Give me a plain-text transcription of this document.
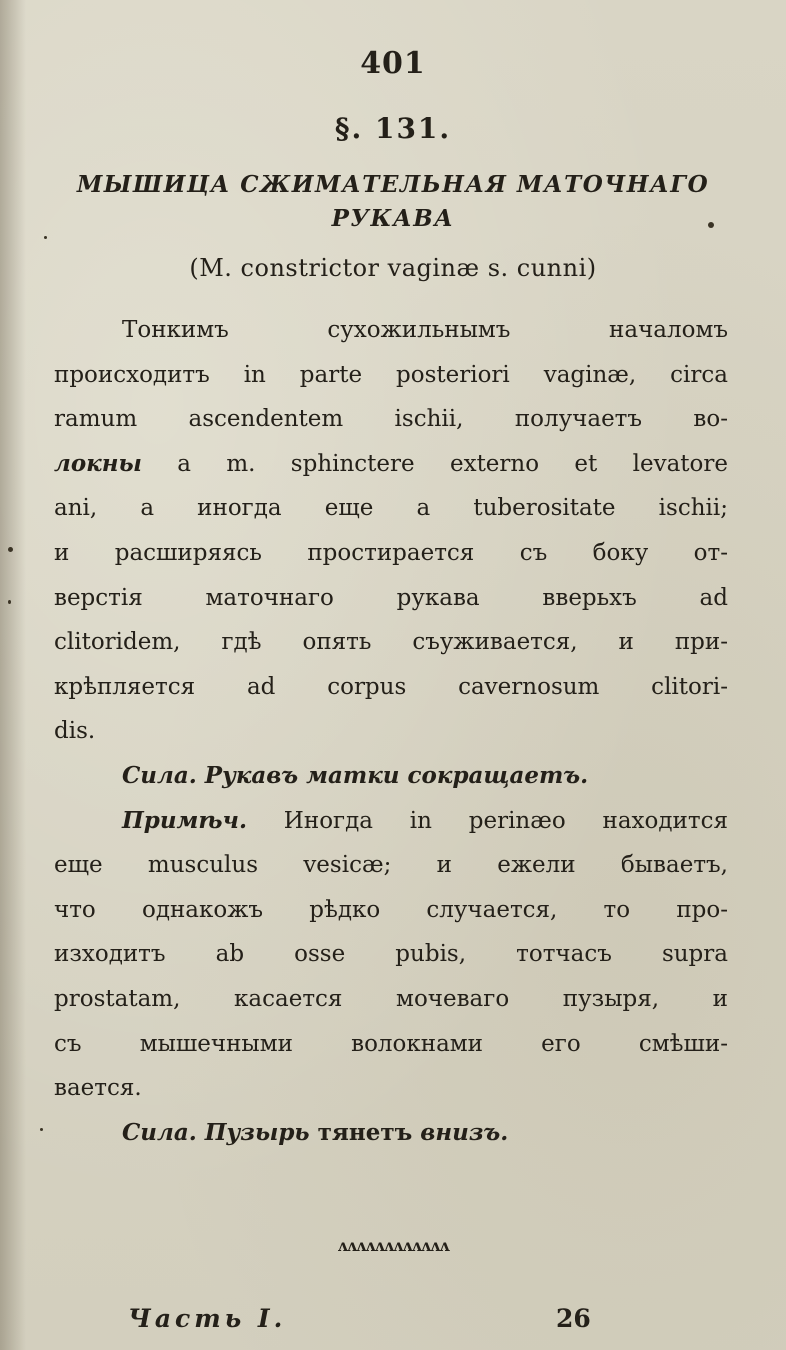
401
§. 131.
МЫШИЦА СЖИМАТЕЛЬНАЯ МАТОЧНАГО
РУКАВА
(M. constrictor vaginæ s. cunni)
Тонкимъ сухожильнымъ началомъ
происходитъ in parte posteriori vaginæ, circa
ramum ascendentem ischii, получаетъ во-
локны a m. sphinctere externo et levatore
ani, а иногда еще а tuberositate ischii;
и расширяясь простирается съ боку от-
верстія маточнаго рукава вверьхъ ad
clitoridem, гдѣ опять съуживается, и при-
крѣпляется ad corpus cavernosum clitori-
dis.
Сила. Рукавъ матки сокращаетъ.
Примѣч. Иногда in perinæo находится
еще musculus vesicæ; и ежели бываетъ,
что однакожъ рѣдко случается, то про-
изходитъ ab osse pubis, тотчасъ supra
prostatam, касается мочеваго пузыря, и
съ мышечными волокнами его смѣши-
вается.
Сила. Пузырь тянетъ внизъ.
ᴧᴧᴧᴧᴧᴧᴧᴧᴧᴧᴧᴧ
Часть I.	26
